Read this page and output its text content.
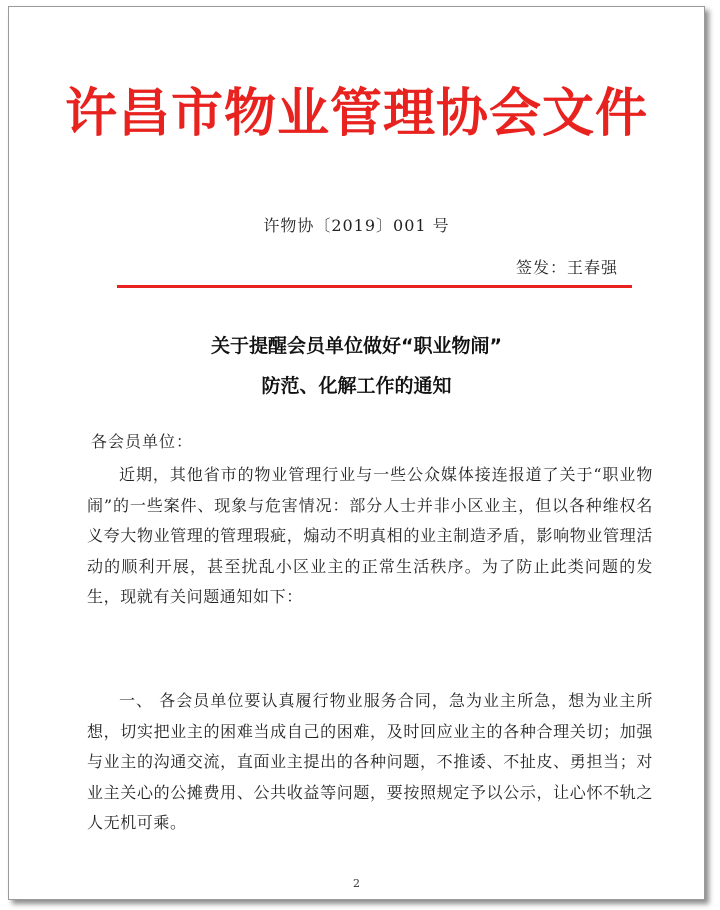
许昌市物业管理协会文件
许物协〔2019〕001 号
签发：王春强
关于提醒会员单位做好“职业物闹”
防范、化解工作的通知
各会员单位：

近期，其他省市的物业管理行业与一些公众媒体接连报道了关于“职业物闹”的一些案件、现象与危害情况：部分人士并非小区业主，但以各种维权名义夸大物业管理的管理瑕疵，煽动不明真相的业主制造矛盾，影响物业管理活动的顺利开展，甚至扰乱小区业主的正常生活秩序。为了防止此类问题的发生，现就有关问题通知如下：

一、 各会员单位要认真履行物业服务合同，急为业主所急，想为业主所想，切实把业主的困难当成自己的困难，及时回应业主的各种合理关切；加强与业主的沟通交流，直面业主提出的各种问题，不推诿、不扯皮、勇担当；对业主关心的公摊费用、公共收益等问题，要按照规定予以公示，让心怀不轨之人无机可乘。

2
